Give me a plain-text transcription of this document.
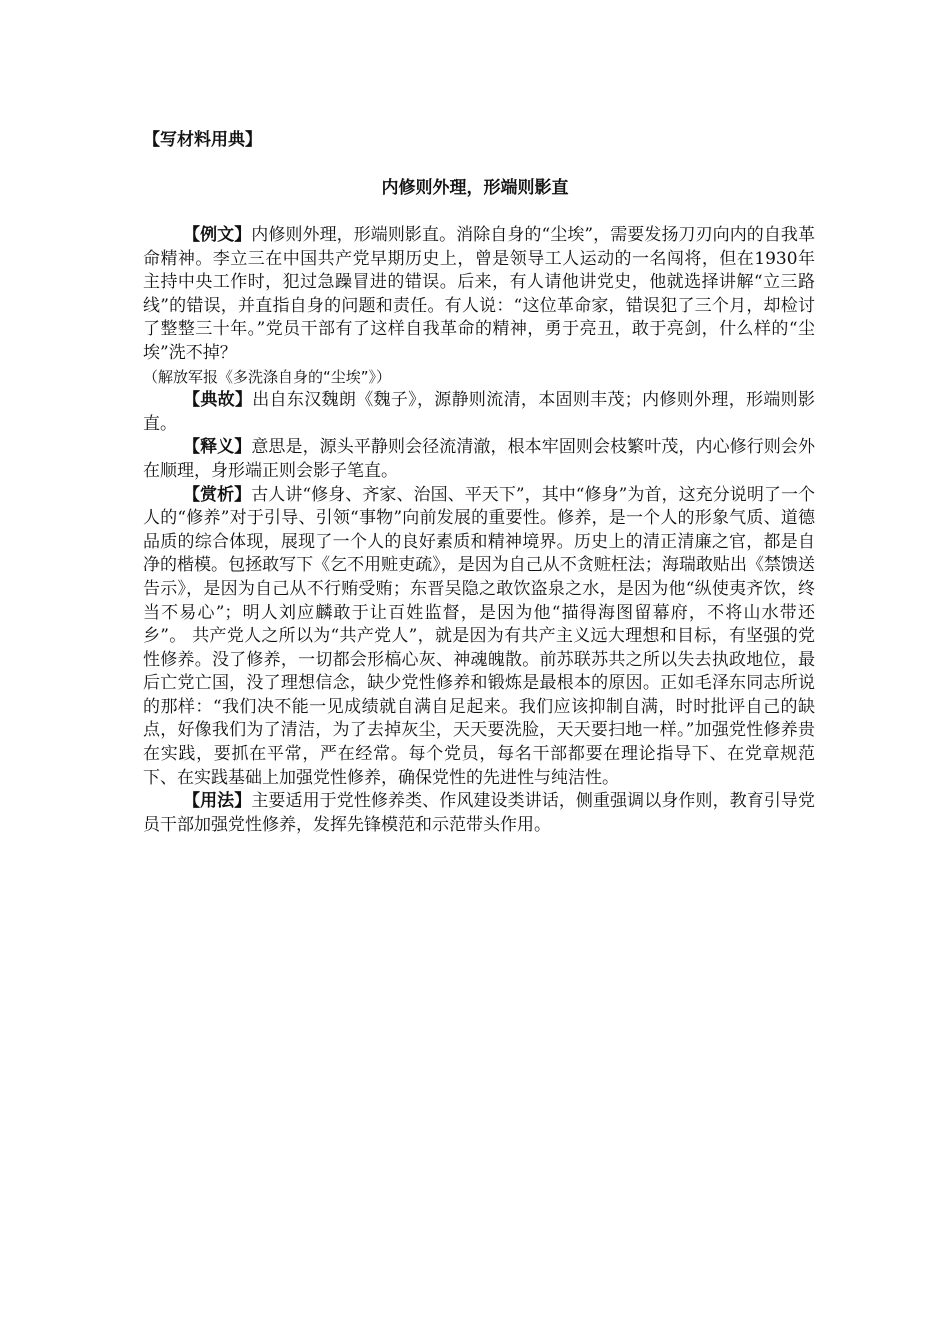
【写材料用典】
内修则外理，形端则影直

【例文】内修则外理，形端则影直。消除自身的“尘埃”，需要发扬刀刃向内的自我革命精神。李立三在中国共产党早期历史上，曾是领导工人运动的一名闯将，但在1930年主持中央工作时，犯过急躁冒进的错误。后来，有人请他讲党史，他就选择讲解“立三路线”的错误，并直指自身的问题和责任。有人说：“这位革命家，错误犯了三个月，却检讨了整整三十年。”党员干部有了这样自我革命的精神，勇于亮丑，敢于亮剑，什么样的“尘埃”洗不掉？
（解放军报《多洗涤自身的“尘埃”》）

【典故】出自东汉魏朗《魏子》，源静则流清，本固则丰茂；内修则外理，形端则影直。

【释义】意思是，源头平静则会径流清澈，根本牢固则会枝繁叶茂，内心修行则会外在顺理，身形端正则会影子笔直。

【赏析】古人讲“修身、齐家、治国、平天下”，其中“修身”为首，这充分说明了一个人的“修养”对于引导、引领“事物”向前发展的重要性。修养，是一个人的形象气质、道德品质的综合体现，展现了一个人的良好素质和精神境界。历史上的清正清廉之官，都是自净的楷模。包拯敢写下《乞不用赃吏疏》，是因为自己从不贪赃枉法；海瑞敢贴出《禁馈送告示》，是因为自己从不行贿受贿；东晋吴隐之敢饮盗泉之水，是因为他“纵使夷齐饮，终当不易心”；明人刘应麟敢于让百姓监督，是因为他“描得海图留幕府，不将山水带还乡”。 共产党人之所以为“共产党人”，就是因为有共产主义远大理想和目标，有坚强的党性修养。没了修养，一切都会形槁心灰、神魂魄散。前苏联苏共之所以失去执政地位，最后亡党亡国，没了理想信念，缺少党性修养和锻炼是最根本的原因。正如毛泽东同志所说的那样：“我们决不能一见成绩就自满自足起来。我们应该抑制自满，时时批评自己的缺点，好像我们为了清洁，为了去掉灰尘，天天要洗脸，天天要扫地一样。”加强党性修养贵在实践，要抓在平常，严在经常。每个党员，每名干部都要在理论指导下、在党章规范下、在实践基础上加强党性修养，确保党性的先进性与纯洁性。

【用法】主要适用于党性修养类、作风建设类讲话，侧重强调以身作则，教育引导党员干部加强党性修养，发挥先锋模范和示范带头作用。
